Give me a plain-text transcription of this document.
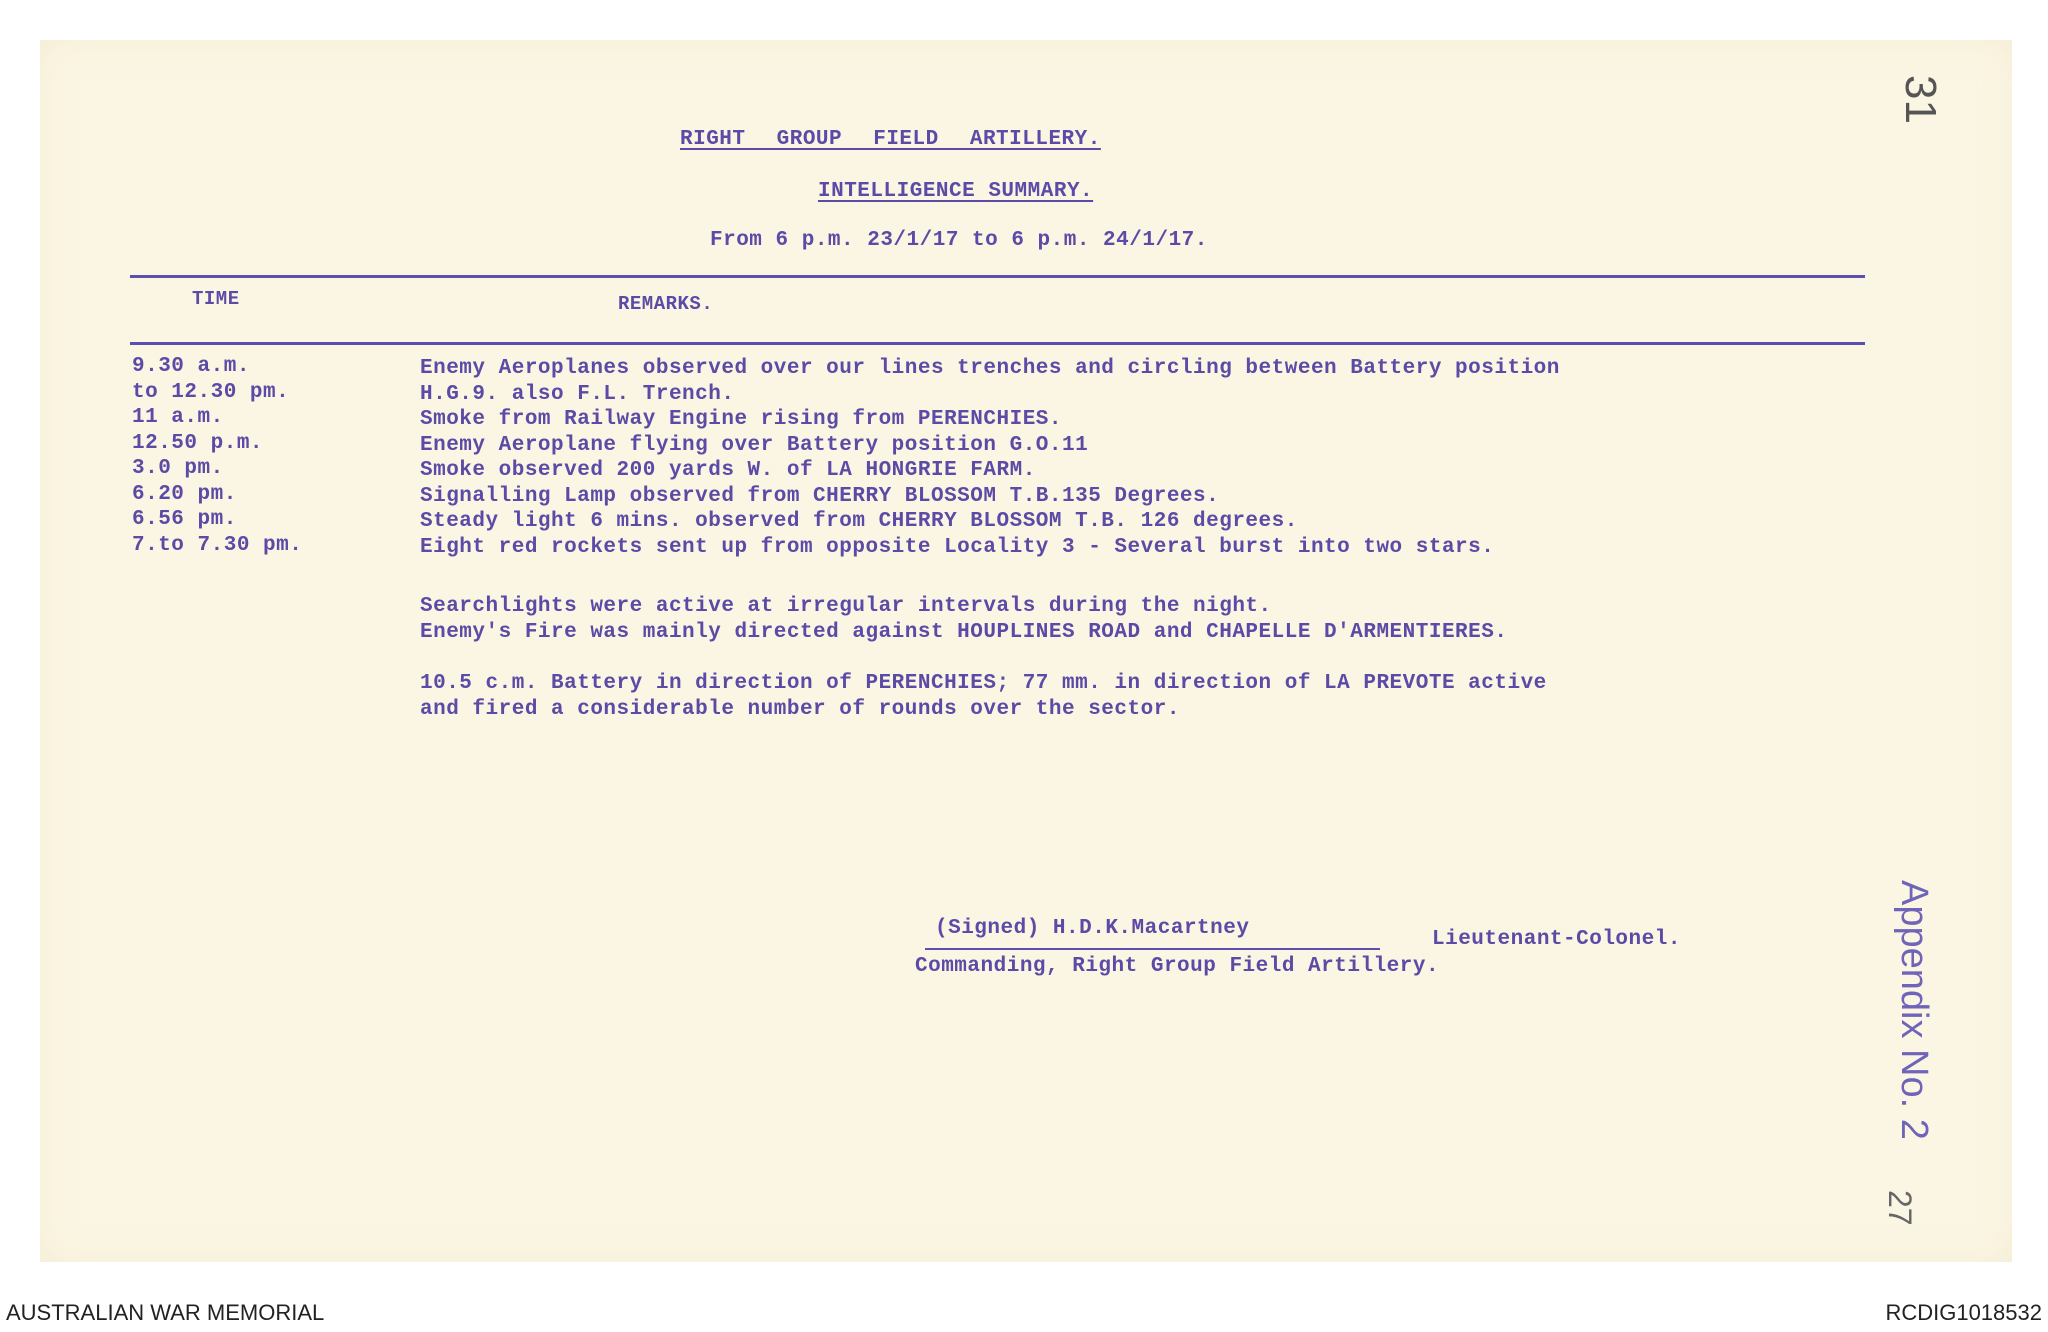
RIGHT GROUP FIELD ARTILLERY.
INTELLIGENCE SUMMARY.
From 6 p.m. 23/1/17 to 6 p.m. 24/1/17.
TIME	REMARKS.
9.30 a.m.	Enemy Aeroplanes observed over our lines trenches and circling between Battery position
to 12.30 pm.	H.G.9. also F.L. Trench.
11 a.m.	Smoke from Railway Engine rising from PERENCHIES.
12.50 p.m.	Enemy Aeroplane flying over Battery position G.O.11
3.0 pm.	Smoke observed 200 yards W. of LA HONGRIE FARM.
6.20 pm.	Signalling Lamp observed from CHERRY BLOSSOM T.B.135 Degrees.
6.56 pm.	Steady light 6 mins. observed from CHERRY BLOSSOM T.B. 126 degrees.
7.to 7.30 pm.	Eight red rockets sent up from opposite Locality 3 - Several burst into two stars.
Searchlights were active at irregular intervals during the night.
Enemy's Fire was mainly directed against HOUPLINES ROAD and CHAPELLE D'ARMENTIERES.
10.5 c.m. Battery in direction of PERENCHIES; 77 mm. in direction of LA PREVOTE active
and fired a considerable number of rounds over the sector.
(Signed) H.D.K.Macartney	Lieutenant-Colonel.
Commanding, Right Group Field Artillery.
31
Appendix No. 2
27
AUSTRALIAN WAR MEMORIAL	RCDIG1018532
